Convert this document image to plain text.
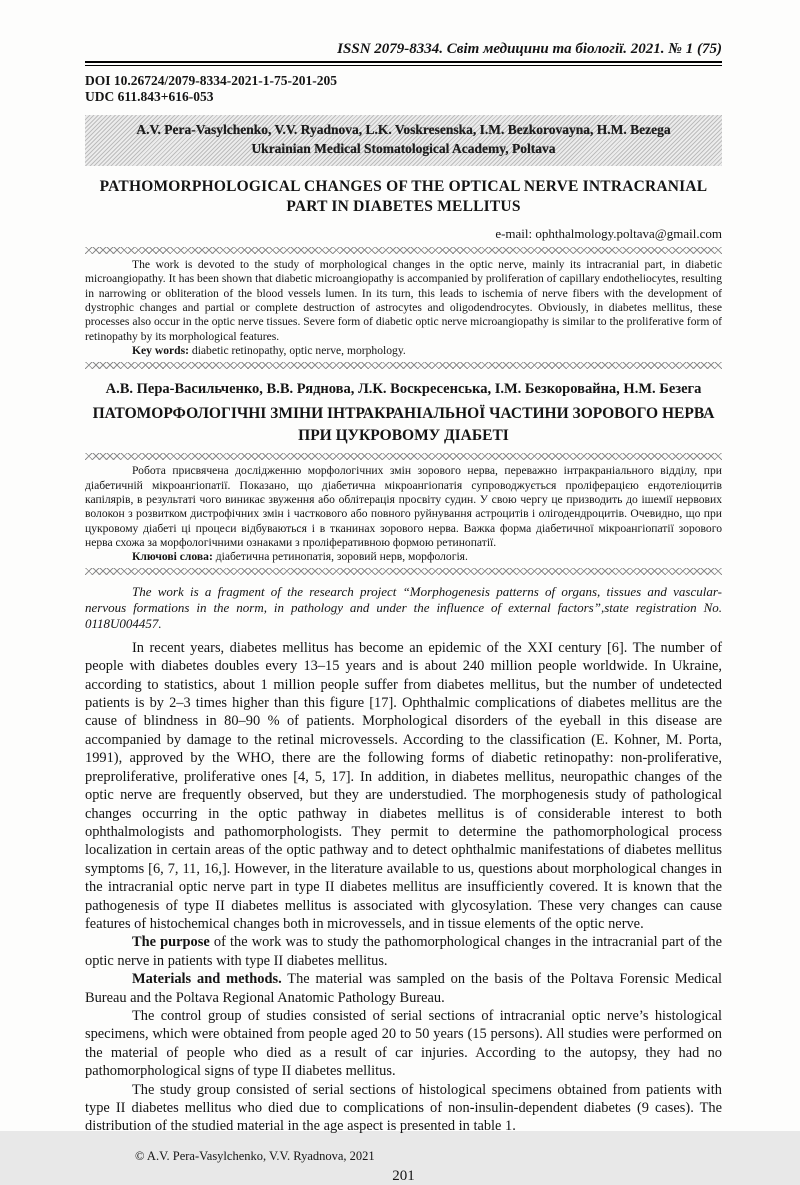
ISSN 2079-8334. Світ медицини та біології. 2021. № 1 (75)
DOI 10.26724/2079-8334-2021-1-75-201-205
UDC 611.843+616-053
A.V. Pera-Vasylchenko, V.V. Ryadnova, L.K. Voskresenska, I.M. Bezkorovayna, H.M. Bezega
Ukrainian Medical Stomatological Academy, Poltava
PATHOMORPHOLOGICAL CHANGES OF THE OPTICAL NERVE INTRACRANIAL PART IN DIABETES MELLITUS
e-mail: ophthalmology.poltava@gmail.com

The work is devoted to the study of morphological changes in the optic nerve, mainly its intracranial part, in diabetic microangiopathy. It has been shown that diabetic microangiopathy is accompanied by proliferation of capillary endotheliocytes, resulting in narrowing or obliteration of the blood vessels lumen. In its turn, this leads to ischemia of nerve fibers with the development of dystrophic changes and partial or complete destruction of astrocytes and oligodendrocytes. Obviously, in diabetes mellitus, these processes also occur in the optic nerve tissues. Severe form of diabetic optic nerve microangiopathy is similar to the proliferative form of retinopathy by its morphological features.

Key words: diabetic retinopathy, optic nerve, morphology.

А.В. Пера-Васильченко, В.В. Ряднова, Л.К. Воскресенська, І.М. Безкоровайна, Н.М. Безега
ПАТОМОРФОЛОГІЧНІ ЗМІНИ ІНТРАКРАНІАЛЬНОЇ ЧАСТИНИ ЗОРОВОГО НЕРВА ПРИ ЦУКРОВОМУ ДІАБЕТІ

Робота присвячена дослідженню морфологічних змін зорового нерва, переважно інтракраніального відділу, при діабетичній мікроангіопатії. Показано, що діабетична мікроангіопатія супроводжується проліферацією ендотеліоцитів капілярів, в результаті чого виникає звуження або облітерація просвіту судин. У свою чергу це призводить до ішемії нервових волокон з розвитком дистрофічних змін і часткового або повного руйнування астроцитів і олігодендроцитів. Очевидно, що при цукровому діабеті ці процеси відбуваються і в тканинах зорового нерва. Важка форма діабетичної мікроангіопатії зорового нерва схожа за морфологічними ознаками з проліферативною формою ретинопатії.

Ключові слова: діабетична ретинопатія, зоровий нерв, морфологія.

The work is a fragment of the research project “Morphogenesis patterns of organs, tissues and vascular-nervous formations in the norm, in pathology and under the influence of external factors”,state registration No. 0118U004457.

In recent years, diabetes mellitus has become an epidemic of the XXI century [6]. The number of people with diabetes doubles every 13–15 years and is about 240 million people worldwide. In Ukraine, according to statistics, about 1 million people suffer from diabetes mellitus, but the number of undetected patients is by 2–3 times higher than this figure [17]. Ophthalmic complications of diabetes mellitus are the cause of blindness in 80–90 % of patients. Morphological disorders of the eyeball in this disease are accompanied by damage to the retinal microvessels. According to the classification (E. Kohner, M. Porta, 1991), approved by the WHO, there are the following forms of diabetic retinopathy: non-proliferative, preproliferative, proliferative ones [4, 5, 17]. In addition, in diabetes mellitus, neuropathic changes of the optic nerve are frequently observed, but they are understudied. The morphogenesis study of pathological changes occurring in the optic pathway in diabetes mellitus is of considerable interest to both ophthalmologists and pathomorphologists. They permit to determine the pathomorphological process localization in certain areas of the optic pathway and to detect ophthalmic manifestations of diabetes mellitus symptoms [6, 7, 11, 16,]. However, in the literature available to us, questions about morphological changes in the intracranial optic nerve part in type II diabetes mellitus are insufficiently covered. It is known that the pathogenesis of type II diabetes mellitus is associated with glycosylation. These very changes can cause features of histochemical changes both in microvessels, and in tissue elements of the optic nerve.

The purpose of the work was to study the pathomorphological changes in the intracranial part of the optic nerve in patients with type II diabetes mellitus.

Materials and methods. The material was sampled on the basis of the Poltava Forensic Medical Bureau and the Poltava Regional Anatomic Pathology Bureau.

The control group of studies consisted of serial sections of intracranial optic nerve’s histological specimens, which were obtained from people aged 20 to 50 years (15 persons). All studies were performed on the material of people who died as a result of car injuries. According to the autopsy, they had no pathomorphological signs of type II diabetes mellitus.

The study group consisted of serial sections of histological specimens obtained from patients with type II diabetes mellitus who died due to complications of non-insulin-dependent diabetes (9 cases). The distribution of the studied material in the age aspect is presented in table 1.

© A.V. Pera-Vasylchenko, V.V. Ryadnova, 2021
201
